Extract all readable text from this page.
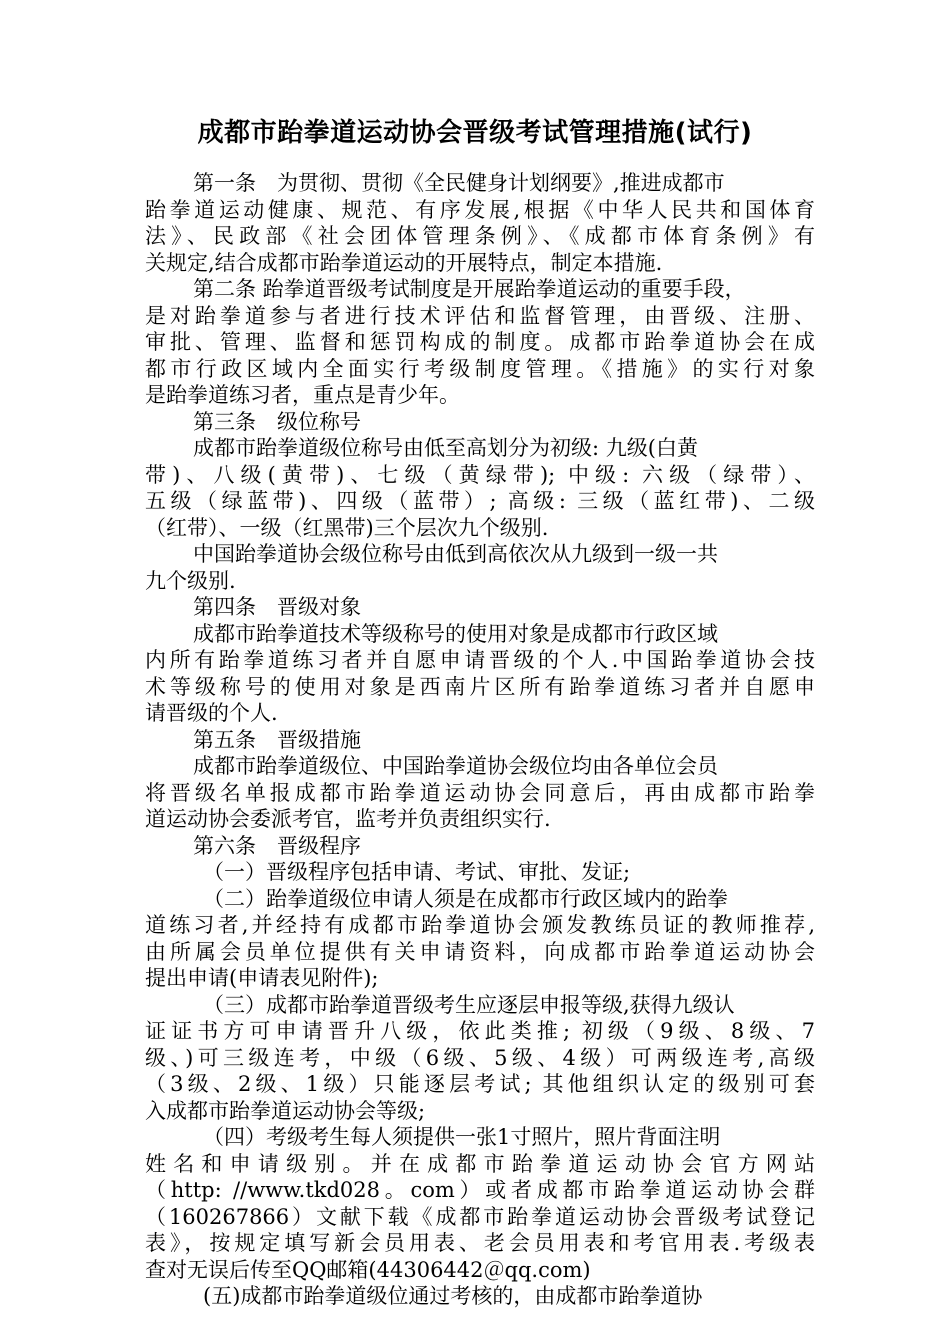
成都市跆拳道运动协会晋级考试管理措施(试行)
第一条　为贯彻、贯彻《全民健身计划纲要》,推进成都市
跆拳道运动健康、规范、有序发展,根据《中华人民共和国体育
法》、民政部《社会团体管理条例》、《成都市体育条例》有
关规定,结合成都市跆拳道运动的开展特点，制定本措施.
第二条 跆拳道晋级考试制度是开展跆拳道运动的重要手段，
是对跆拳道参与者进行技术评估和监督管理，由晋级、注册、
审批、管理、监督和惩罚构成的制度。成都市跆拳道协会在成
都市行政区域内全面实行考级制度管理。《措施》的实行对象
是跆拳道练习者，重点是青少年。
第三条　级位称号
成都市跆拳道级位称号由低至高划分为初级: 九级(白黄
带)、八级(黄带)、七级（黄绿带); 中级: 六级（绿带）、
五级（绿蓝带)、四级（蓝带）; 高级: 三级（蓝红带)、二级
（红带）、一级（红黑带)三个层次九个级别.
中国跆拳道协会级位称号由低到高依次从九级到一级一共
九个级别.
第四条　晋级对象
成都市跆拳道技术等级称号的使用对象是成都市行政区域
内所有跆拳道练习者并自愿申请晋级的个人.中国跆拳道协会技
术等级称号的使用对象是西南片区所有跆拳道练习者并自愿申
请晋级的个人.
第五条　晋级措施
成都市跆拳道级位、中国跆拳道协会级位均由各单位会员
将晋级名单报成都市跆拳道运动协会同意后，再由成都市跆拳
道运动协会委派考官，监考并负责组织实行.
第六条　晋级程序
（一）晋级程序包括申请、考试、审批、发证;
（二）跆拳道级位申请人须是在成都市行政区域内的跆拳
道练习者,并经持有成都市跆拳道协会颁发教练员证的教师推荐,
由所属会员单位提供有关申请资料，向成都市跆拳道运动协会
提出申请(申请表见附件);
（三）成都市跆拳道晋级考生应逐层申报等级,获得九级认
证证书方可申请晋升八级，依此类推; 初级（9级、8级、7
级、)可三级连考，中级（6级、5级、4级）可两级连考,高级
（3级、2级、1级）只能逐层考试; 其他组织认定的级别可套
入成都市跆拳道运动协会等级;
（四）考级考生每人须提供一张1寸照片，照片背面注明
姓名和申请级别。并在成都市跆拳道运动协会官方网站
（http: //www.tkd028。com）或者成都市跆拳道运动协会群
（160267866）文献下载《成都市跆拳道运动协会晋级考试登记
表》，按规定填写新会员用表、老会员用表和考官用表.考级表
查对无误后传至QQ邮箱(44306442＠qq.com)
(五)成都市跆拳道级位通过考核的，由成都市跆拳道协
